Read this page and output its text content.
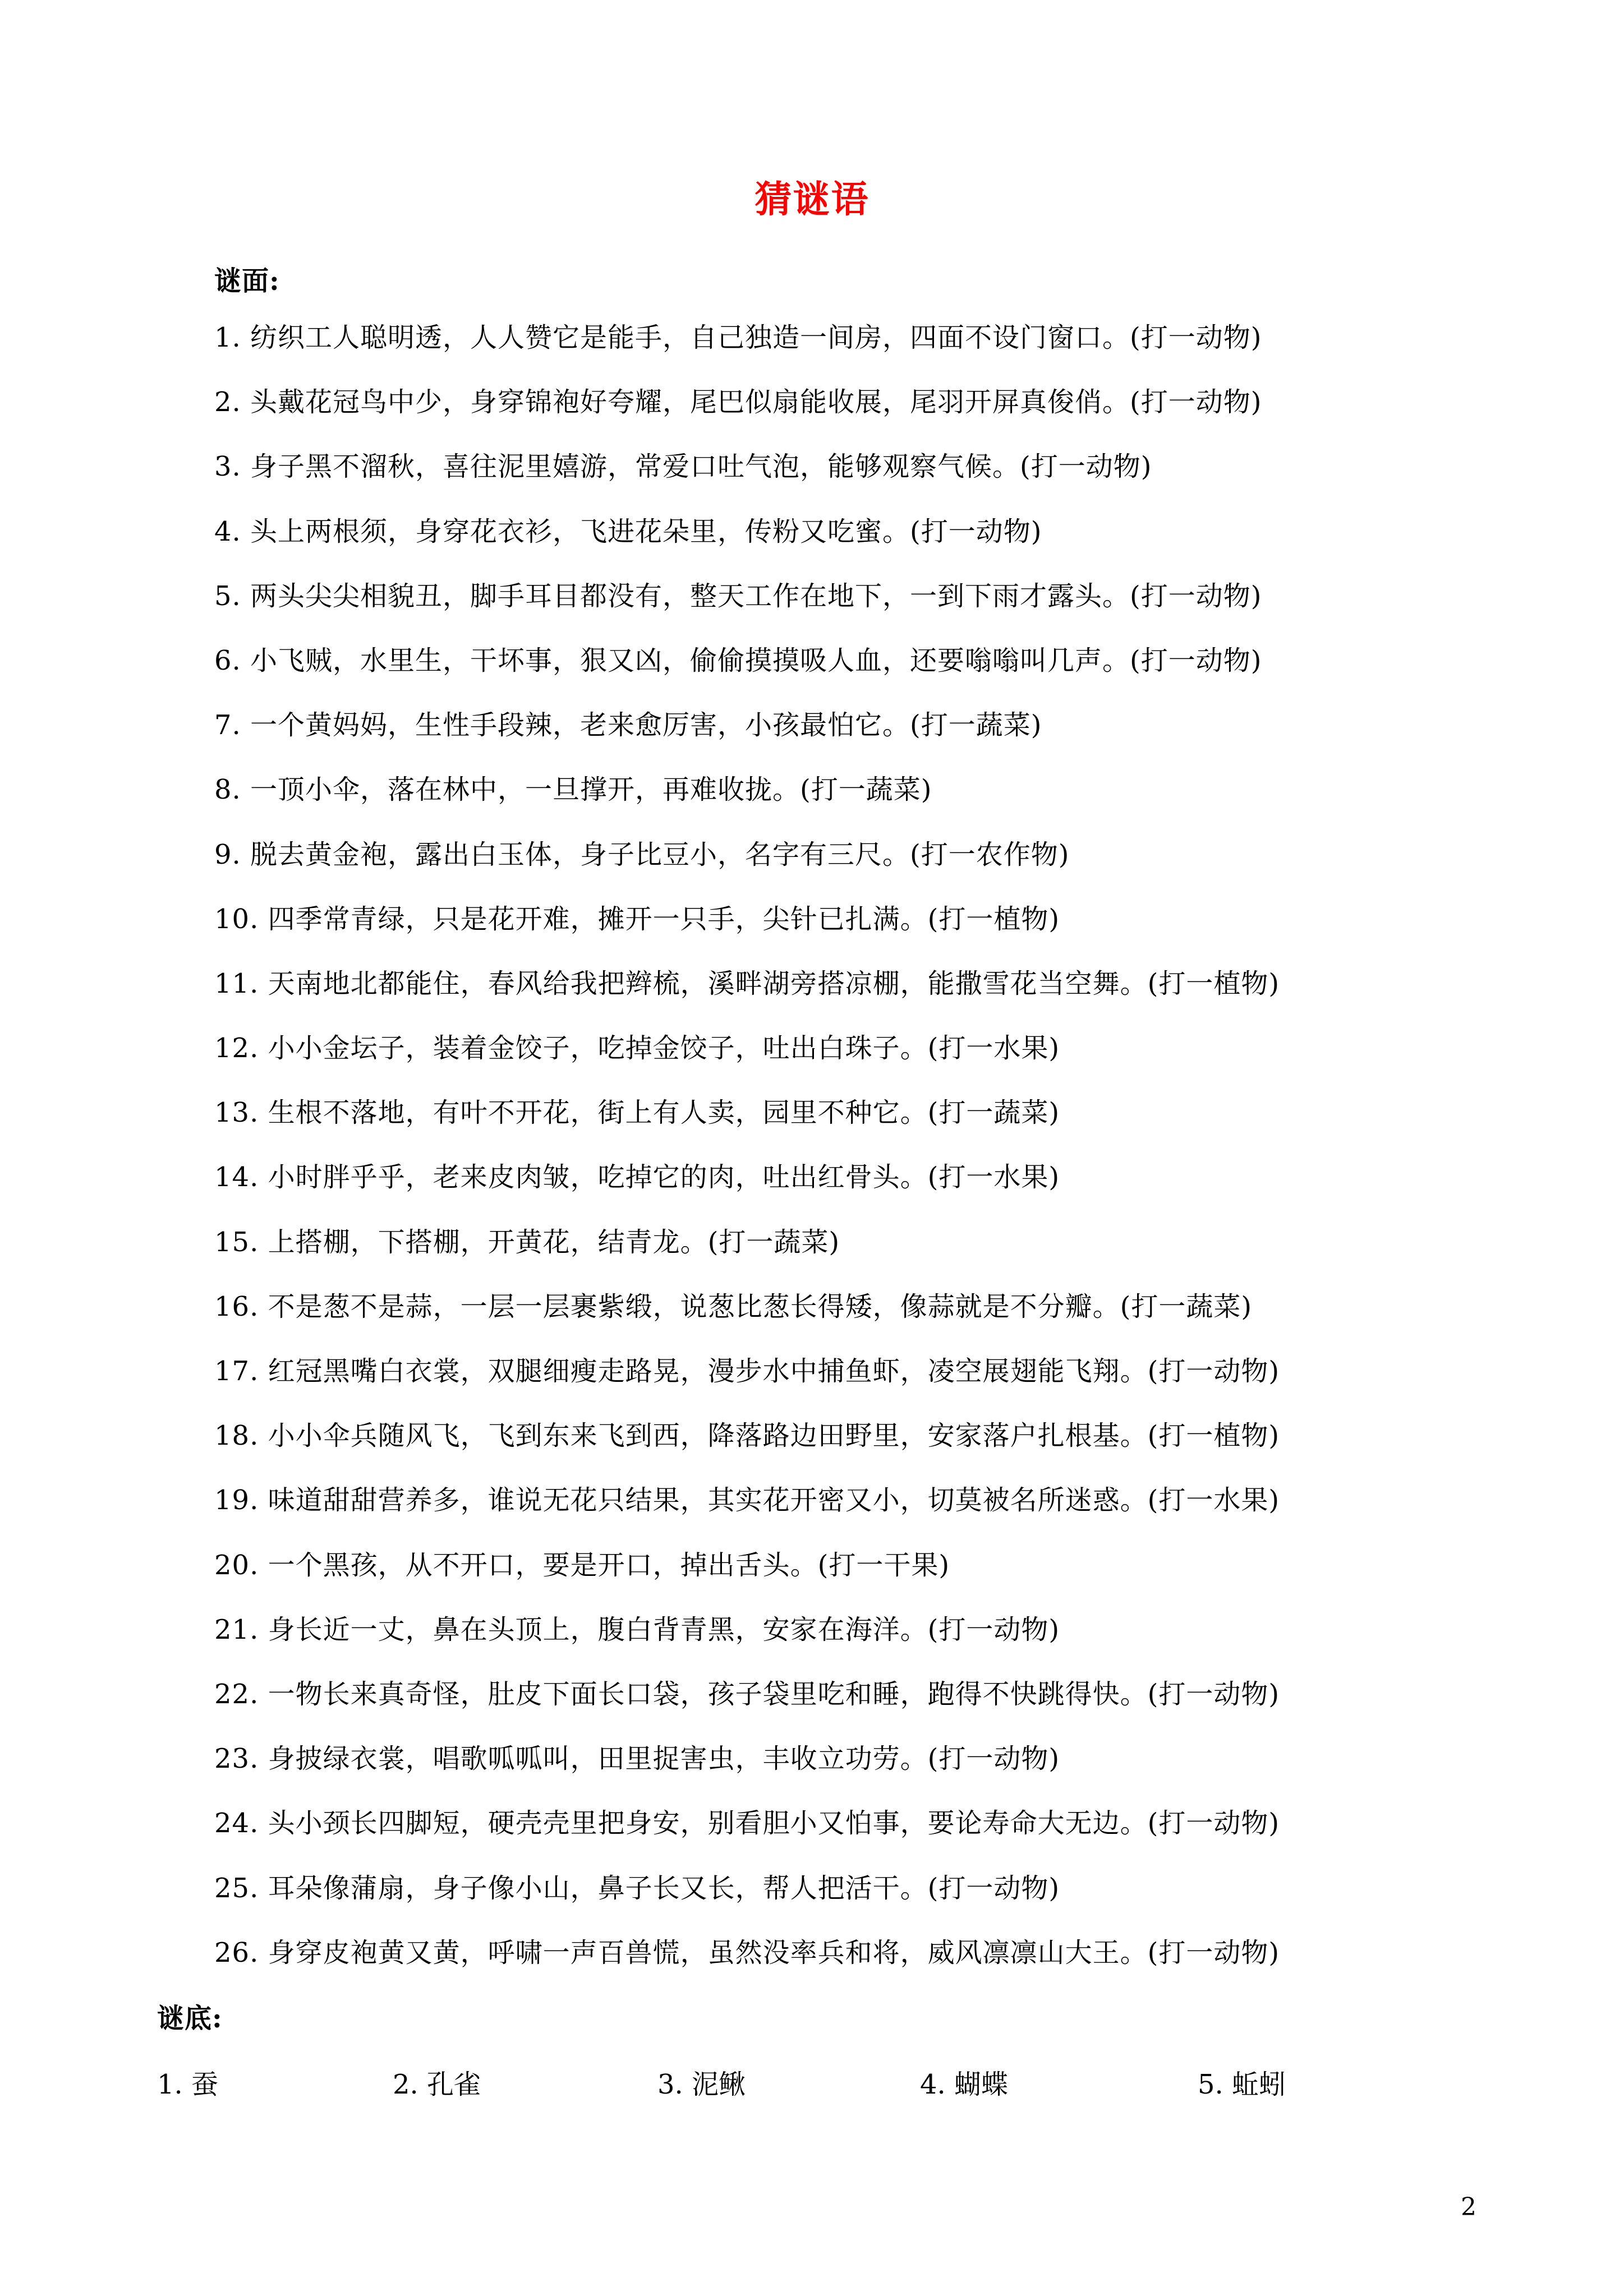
猜谜语
谜面:
1. 纺织工人聪明透，人人赞它是能手，自己独造一间房，四面不设门窗口。(打一动物)
2. 头戴花冠鸟中少，身穿锦袍好夸耀，尾巴似扇能收展，尾羽开屏真俊俏。(打一动物)
3. 身子黑不溜秋，喜往泥里嬉游，常爱口吐气泡，能够观察气候。(打一动物)
4. 头上两根须，身穿花衣衫，飞进花朵里，传粉又吃蜜。(打一动物)
5. 两头尖尖相貌丑，脚手耳目都没有，整天工作在地下，一到下雨才露头。(打一动物)
6. 小飞贼，水里生，干坏事，狠又凶，偷偷摸摸吸人血，还要嗡嗡叫几声。(打一动物)
7. 一个黄妈妈，生性手段辣，老来愈厉害，小孩最怕它。(打一蔬菜)
8. 一顶小伞，落在林中，一旦撑开，再难收拢。(打一蔬菜)
9. 脱去黄金袍，露出白玉体，身子比豆小，名字有三尺。(打一农作物)
10. 四季常青绿，只是花开难，摊开一只手，尖针已扎满。(打一植物)
11. 天南地北都能住，春风给我把辫梳，溪畔湖旁搭凉棚，能撒雪花当空舞。(打一植物)
12. 小小金坛子，装着金饺子，吃掉金饺子，吐出白珠子。(打一水果)
13. 生根不落地，有叶不开花，街上有人卖，园里不种它。(打一蔬菜)
14. 小时胖乎乎，老来皮肉皱，吃掉它的肉，吐出红骨头。(打一水果)
15. 上搭棚，下搭棚，开黄花，结青龙。(打一蔬菜)
16. 不是葱不是蒜，一层一层裹紫缎，说葱比葱长得矮，像蒜就是不分瓣。(打一蔬菜)
17. 红冠黑嘴白衣裳，双腿细瘦走路晃，漫步水中捕鱼虾，凌空展翅能飞翔。(打一动物)
18. 小小伞兵随风飞，飞到东来飞到西，降落路边田野里，安家落户扎根基。(打一植物)
19. 味道甜甜营养多，谁说无花只结果，其实花开密又小，切莫被名所迷惑。(打一水果)
20. 一个黑孩，从不开口，要是开口，掉出舌头。(打一干果)
21. 身长近一丈，鼻在头顶上，腹白背青黑，安家在海洋。(打一动物)
22. 一物长来真奇怪，肚皮下面长口袋，孩子袋里吃和睡，跑得不快跳得快。(打一动物)
23. 身披绿衣裳，唱歌呱呱叫，田里捉害虫，丰收立功劳。(打一动物)
24. 头小颈长四脚短，硬壳壳里把身安，别看胆小又怕事，要论寿命大无边。(打一动物)
25. 耳朵像蒲扇，身子像小山，鼻子长又长，帮人把活干。(打一动物)
26. 身穿皮袍黄又黄，呼啸一声百兽慌，虽然没率兵和将，威风凛凛山大王。(打一动物)
谜底:
1. 蚕	2. 孔雀	3. 泥鳅	4. 蝴蝶	5. 蚯蚓
2
